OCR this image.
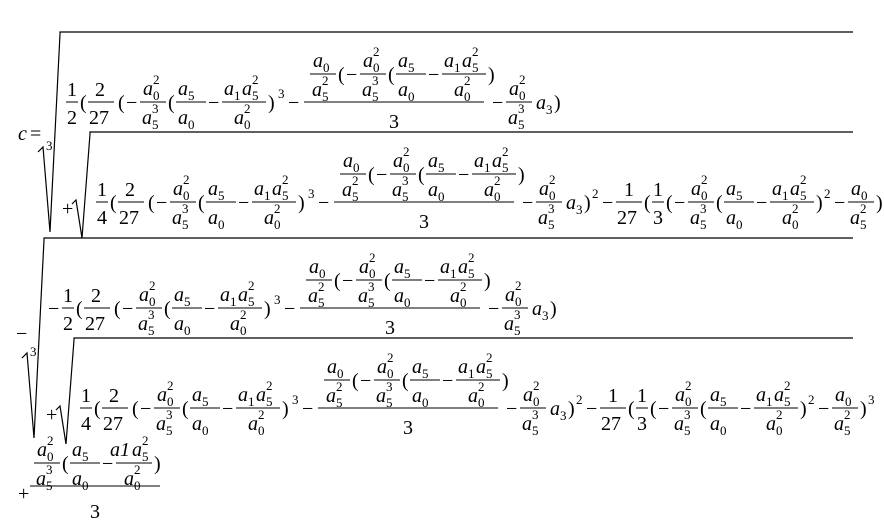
c =
3
1
2
(
2
27
( −
a 0
2
a 5
3 (
a 5
a 0
−
a 1 a 5
2
a 0
2 ) 3 −
a 0
a 5
2 ( −
a 0
2
a 5
3 (
a 5
a 0
−
a 1 a 5
2
a 0
2 )
3
−
a 0
2
a 5
3 a 3 )
+
1
4
(
2
27
( −
a 0
2
a 5
3 (
a 5
a 0
−
a 1 a 5
2
a 0
2 ) 3 −
a 0
a 5
2 ( −
a 0
2
a 5
3 (
a 5
a 0
−
a 1 a 5
2
a 0
2 )
3
−
a 0
2
a 5
3 a 3 ) 2 −
1
27
(
1
3
( −
a 0
2
a 5
3 (
a 5
a 0
−
a 1 a 5
2
a 0
2 ) 2 −
a 0
a 5
2 )
−
3
−
1
2
(
2
27
( −
a 0
2
a 5
3 (
a 5
a 0
−
a 1 a 5
2
a 0
2 ) 3 −
a 0
a 5
2 ( −
a 0
2
a 5
3 (
a 5
a 0
−
a 1 a 5
2
a 0
2 )
3
−
a 0
2
a 5
3 a 3 )
+
1
4
(
2
27
( −
a 0
2
a 5
3 (
a 5
a 0
−
a 1 a 5
2
a 0
2 ) 3 −
a 0
a 5
2 ( −
a 0
2
a 5
3 (
a 5
a 0
−
a 1 a 5
2
a 0
2 )
3
−
a 0
2
a 5
3 a 3 ) 2 −
1
27
(
1
3
( −
a 0
2
a 5
3 (
a 5
a 0
−
a 1 a 5
2
a 0
2 ) 2 −
a 0
a 5
2 ) 3
+
a 0
2
a 5
3 (
a 5
a 0
−
a1 a 5
2
a 0
2 )
3
